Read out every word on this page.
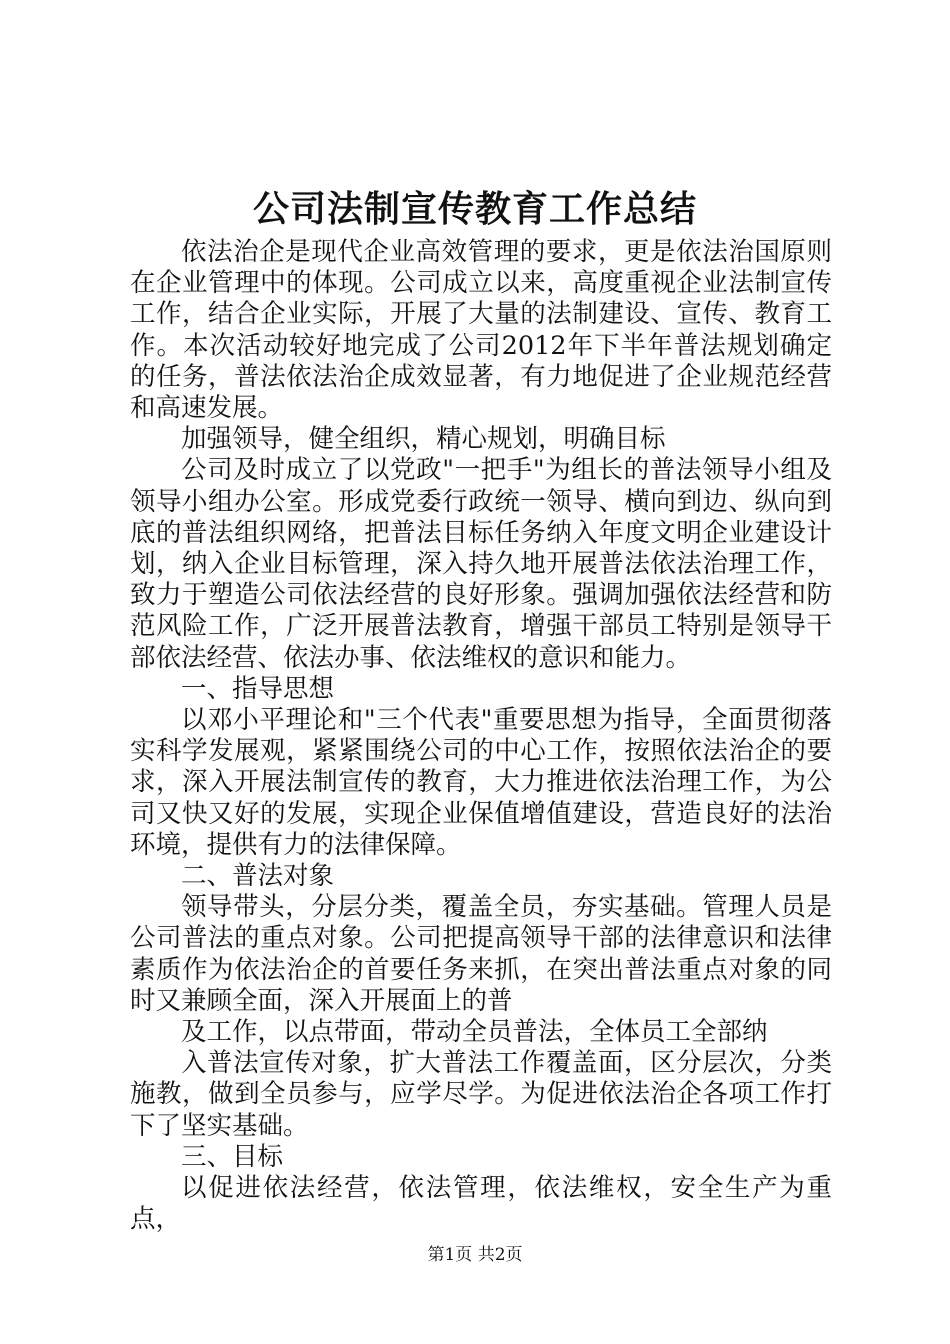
公司法制宣传教育工作总结

依法治企是现代企业高效管理的要求，更是依法治国原则在企业管理中的体现。公司成立以来，高度重视企业法制宣传工作，结合企业实际，开展了大量的法制建设、宣传、教育工作。本次活动较好地完成了公司2012年下半年普法规划确定的任务，普法依法治企成效显著，有力地促进了企业规范经营和高速发展。

加强领导，健全组织，精心规划，明确目标

公司及时成立了以党政"一把手"为组长的普法领导小组及领导小组办公室。形成党委行政统一领导、横向到边、纵向到底的普法组织网络，把普法目标任务纳入年度文明企业建设计划，纳入企业目标管理，深入持久地开展普法依法治理工作，致力于塑造公司依法经营的良好形象。强调加强依法经营和防范风险工作，广泛开展普法教育，增强干部员工特别是领导干部依法经营、依法办事、依法维权的意识和能力。

一、指导思想

以邓小平理论和"三个代表"重要思想为指导，全面贯彻落实科学发展观，紧紧围绕公司的中心工作，按照依法治企的要求，深入开展法制宣传的教育，大力推进依法治理工作，为公司又快又好的发展，实现企业保值增值建设，营造良好的法治环境，提供有力的法律保障。

二、普法对象

领导带头，分层分类，覆盖全员，夯实基础。管理人员是公司普法的重点对象。公司把提高领导干部的法律意识和法律素质作为依法治企的首要任务来抓，在突出普法重点对象的同时又兼顾全面，深入开展面上的普

及工作，以点带面，带动全员普法，全体员工全部纳

入普法宣传对象，扩大普法工作覆盖面，区分层次，分类施教，做到全员参与，应学尽学。为促进依法治企各项工作打下了坚实基础。

三、目标

以促进依法经营，依法管理，依法维权，安全生产为重点，

第1页 共2页
